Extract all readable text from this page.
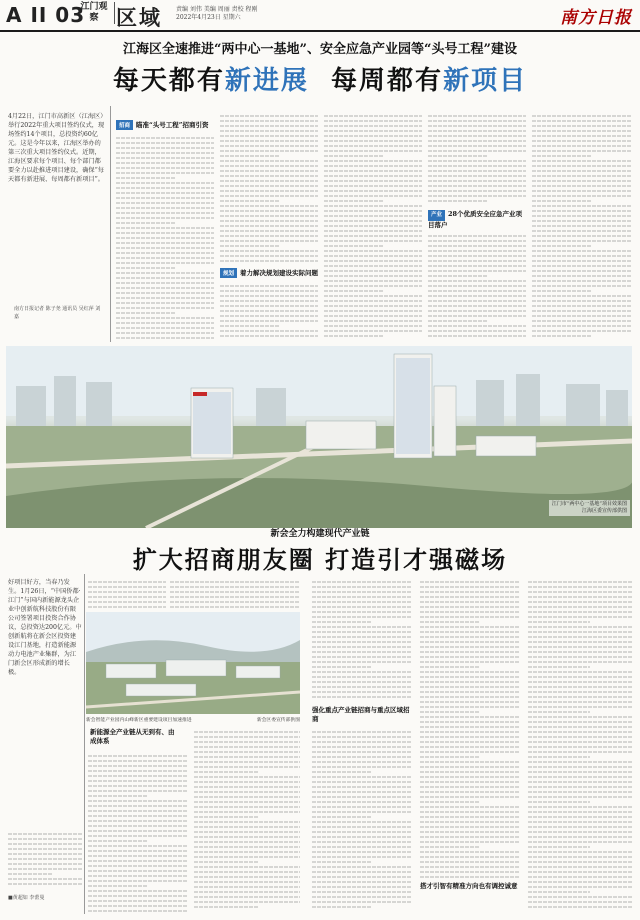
A II 03
江门观察 区域 责编 刘伟 美编 周丽 责校 程刚
2022年4月23日 星期六	南方日报
江海区全速推进“两中心一基地”、安全应急产业园等“头号工程”建设
每天都有新进展 每周都有新项目
4月22日，江门市高新区（江海区）举行2022年重大项目签约仪式，现场签约14个项目，总投资约60亿元。这是今年以来，江海区举办的第三次重大项目签约仪式。近期，江海区要求每个项目、每个部门都要全力以赴推进项目建设，确保“每天都有新进展、每周都有新项目”。
南方日报记者 陈子尧 通讯员 吴红萍 刘嘉
招商 瞄准“头号工程”招商引资
规划 着力解决规划建设实际问题
产业 28个优质安全应急产业项目落户
江门市“两中心一基地”项目效果图
江海区委宣传部供图
新会全力构建现代产业链
扩大招商朋友圈 打造引才强磁场
好项目好方，当春乃发生。1月26日，“中国侨都·江门”与国内新能源龙头企业中创新航科技股份有限公司签署项目投资合作协议，总投资达200亿元。中创新航将在新会区投资建设江门基地，打造新能源动力电池产业集群，为江门新会区形成新的增长极。
■黄超如 李蕾曼
新会智能产业园内山峰新区重要建设项目加速推进	新会区委宣传部供图
新能源全产业链从无到有、由成体系
强化重点产业链招商与重点区域招商
搭才引智有精准方向也有调控诚意
